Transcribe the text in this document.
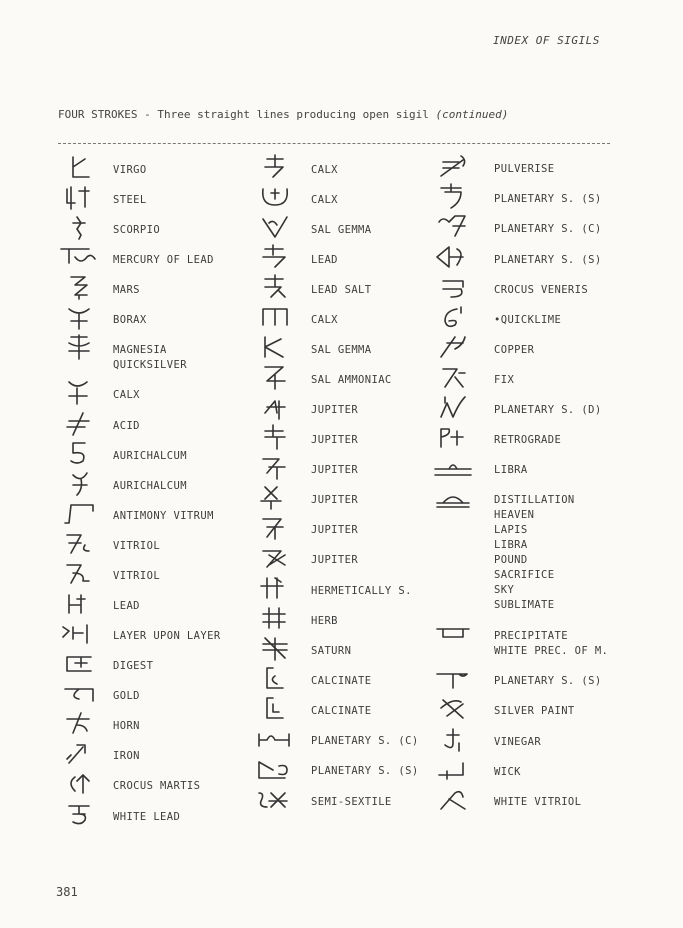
INDEX OF SIGILS
FOUR STROKES - Three straight lines producing open sigil (continued)
VIRGO
STEEL
SCORPIO
MERCURY OF LEAD
MARS
BORAX
MAGNESIA
QUICKSILVER
CALX
ACID
AURICHALCUM
AURICHALCUM
ANTIMONY VITRUM
VITRIOL
VITRIOL
LEAD
LAYER UPON LAYER
DIGEST
GOLD
HORN
IRON
CROCUS MARTIS
WHITE LEAD
CALX
CALX
SAL GEMMA
LEAD
LEAD SALT
CALX
SAL GEMMA
SAL AMMONIAC
JUPITER
JUPITER
JUPITER
JUPITER
JUPITER
JUPITER
HERMETICALLY S.
HERB
SATURN
CALCINATE
CALCINATE
PLANETARY S. (C)
PLANETARY S. (S)
SEMI-SEXTILE
PULVERISE
PLANETARY S. (S)
PLANETARY S. (C)
PLANETARY S. (S)
CROCUS VENERIS
•QUICKLIME
COPPER
FIX
PLANETARY S. (D)
RETROGRADE
LIBRA
DISTILLATION
HEAVEN
LAPIS
LIBRA
POUND
SACRIFICE
SKY
SUBLIMATE
PRECIPITATE
WHITE PREC. OF M.
PLANETARY S. (S)
SILVER PAINT
VINEGAR
WICK
WHITE VITRIOL
381
